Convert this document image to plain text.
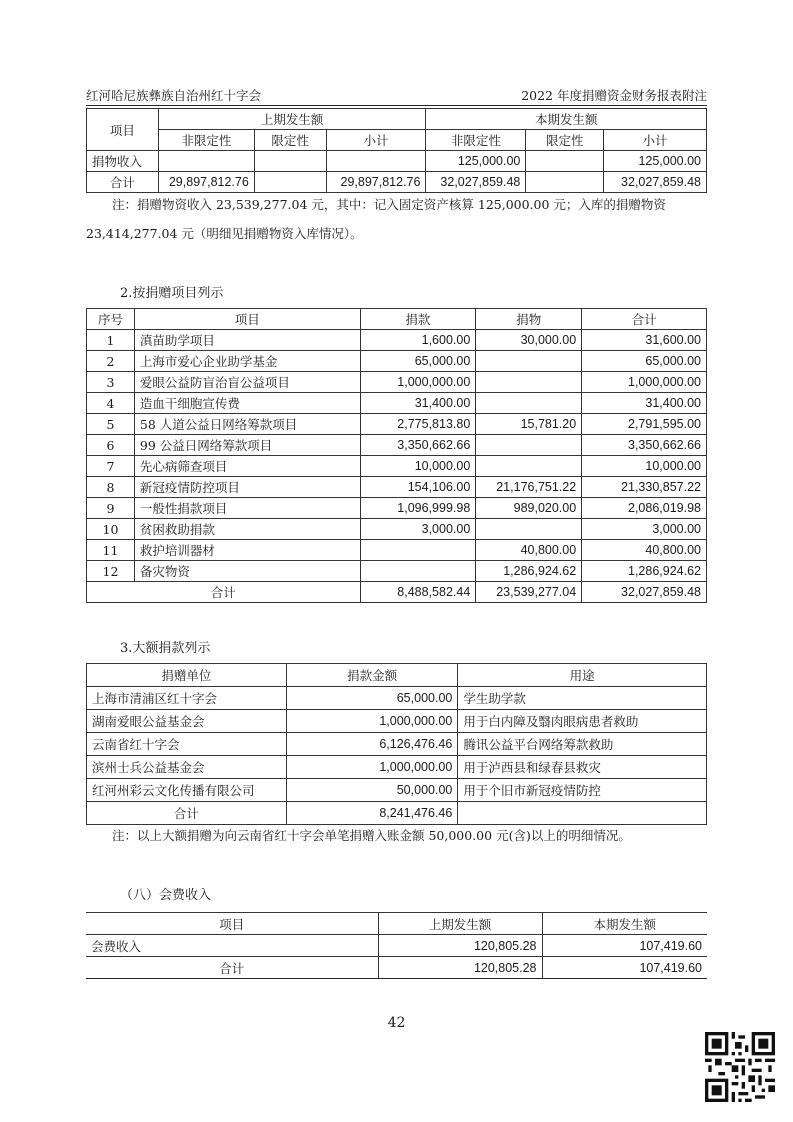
红河哈尼族彝族自治州红十字会	2022 年度捐赠资金财务报表附注
项目	上期发生额			本期发生额		
	非限定性	限定性	小计	非限定性	限定性	小计
捐物收入				125,000.00		125,000.00
合计	29,897,812.76		29,897,812.76	32,027,859.48		32,027,859.48
注：捐赠物资收入 23,539,277.04 元，其中：记入固定资产核算 125,000.00 元；入库的捐赠物资
23,414,277.04 元（明细见捐赠物资入库情况）。
2.按捐赠项目列示
序号	项目	捐款	捐物	合计
1	滇苗助学项目	1,600.00	30,000.00	31,600.00
2	上海市爱心企业助学基金	65,000.00		65,000.00
3	爱眼公益防盲治盲公益项目	1,000,000.00		1,000,000.00
4	造血干细胞宣传费	31,400.00		31,400.00
5	58 人道公益日网络筹款项目	2,775,813.80	15,781.20	2,791,595.00
6	99 公益日网络筹款项目	3,350,662.66		3,350,662.66
7	先心病筛查项目	10,000.00		10,000.00
8	新冠疫情防控项目	154,106.00	21,176,751.22	21,330,857.22
9	一般性捐款项目	1,096,999.98	989,020.00	2,086,019.98
10	贫困救助捐款	3,000.00		3,000.00
11	救护培训器材		40,800.00	40,800.00
12	备灾物资		1,286,924.62	1,286,924.62
合计		8,488,582.44	23,539,277.04	32,027,859.48
3.大额捐款列示
捐赠单位	捐款金额	用途
上海市清浦区红十字会	65,000.00	学生助学款
湖南爱眼公益基金会	1,000,000.00	用于白内障及翳肉眼病患者救助
云南省红十字会	6,126,476.46	腾讯公益平台网络筹款救助
滨州士兵公益基金会	1,000,000.00	用于泸西县和绿春县救灾
红河州彩云文化传播有限公司	50,000.00	用于个旧市新冠疫情防控
合计	8,241,476.46	
注：以上大额捐赠为向云南省红十字会单笔捐赠入账金额 50,000.00 元(含)以上的明细情况。
（八）会费收入
项目	上期发生额	本期发生额
会费收入	120,805.28	107,419.60
合计	120,805.28	107,419.60
42
